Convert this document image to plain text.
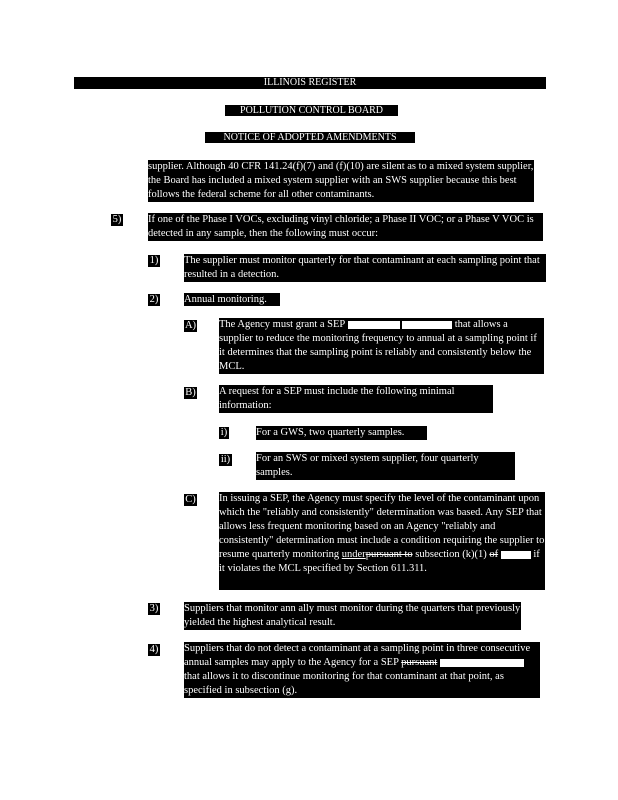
ILLINOIS REGISTER
POLLUTION CONTROL BOARD
NOTICE OF ADOPTED AMENDMENTS
supplier. Although 40 CFR 141.24(f)(7) and (f)(10) are silent as to a mixed system supplier, the Board has included a mixed system supplier with an SWS supplier because this best follows the federal scheme for all other contaminants.
5)	If one of the Phase I VOCs, excluding vinyl chloride; a Phase II VOC; or a Phase V VOC is detected in any sample, then the following must occur:
1) The supplier must monitor quarterly for that contaminant at each sampling point that resulted in a detection.
2) Annual monitoring.
A) The Agency must grant a SEP	that allows a supplier to reduce the monitoring frequency to annual at a sampling point if it determines that the sampling point is reliably and consistently below the MCL.
B) A request for a SEP must include the following minimal information:
i)	For a GWS, two quarterly samples.
ii) For an SWS or mixed system supplier, four quarterly samples.
C) In issuing a SEP, the Agency must specify the level of the contaminant upon which the "reliably and consistently" determination was based. Any SEP that allows less frequent monitoring based on an Agency "reliably and consistently" determination must include a condition requiring the supplier to resume quarterly monitoring underpursuant to subsection (k)(1) of	if it violates the MCL specified by Section 611.311.
3) Suppliers that monitor ann ally must monitor during the quarters that previously yielded the highest analytical result.
4) Suppliers that do not detect a contaminant at a sampling point in three consecutive annual samples may apply to the Agency for a SEP pursuant  that allows it to discontinue monitoring for that contaminant at that point, as specified in subsection (g).
